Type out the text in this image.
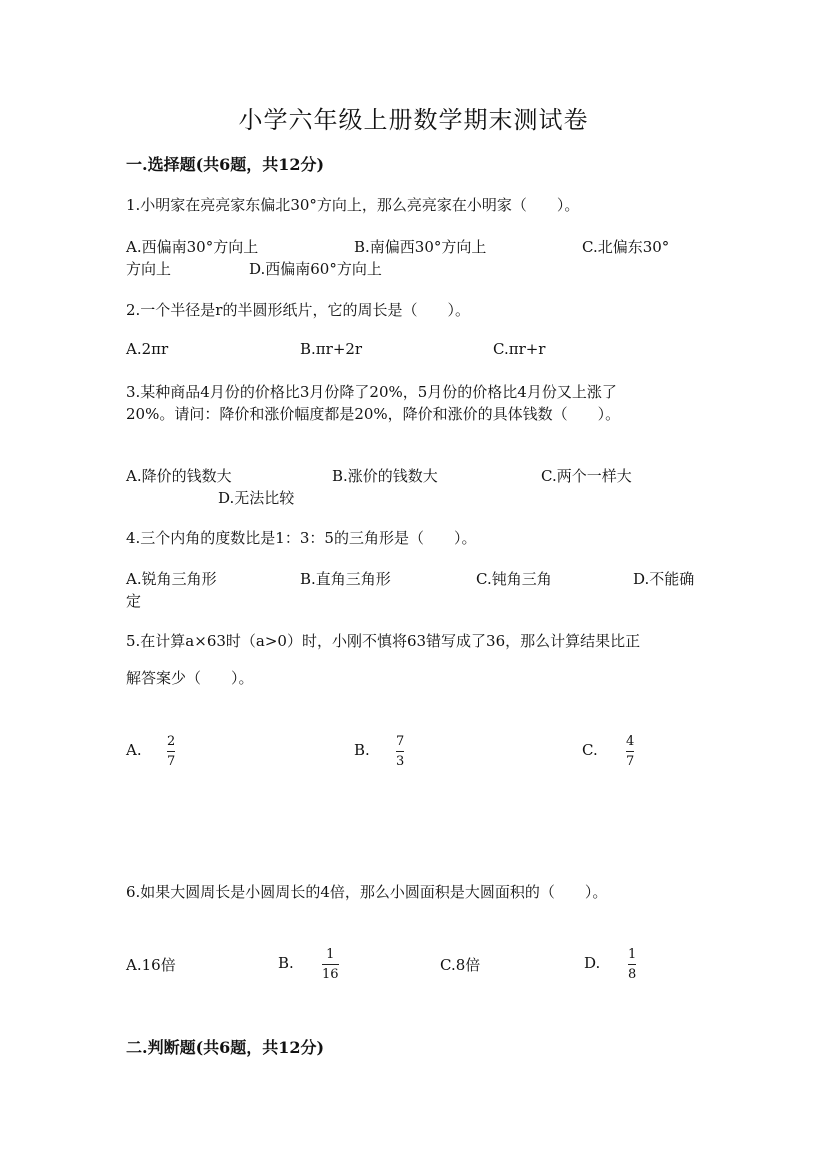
小学六年级上册数学期末测试卷
一.选择题(共6题，共12分)
1.小明家在亮亮家东偏北30°方向上，那么亮亮家在小明家（　　）。
A.西偏南30°方向上	B.南偏西30°方向上	C.北偏东30°
方向上	D.西偏南60°方向上
2.一个半径是r的半圆形纸片，它的周长是（　　）。
A.2πr	B.πr+2r	C.πr+r
3.某种商品4月份的价格比3月份降了20%，5月份的价格比4月份又上涨了
20%。请问：降价和涨价幅度都是20%，降价和涨价的具体钱数（　　）。
A.降价的钱数大	B.涨价的钱数大	C.两个一样大
D.无法比较
4.三个内角的度数比是1：3：5的三角形是（　　）。
A.锐角三角形	B.直角三角形	C.钝角三角	D.不能确
定
5.在计算a×63时（a>0）时，小刚不慎将63错写成了36，那么计算结果比正
解答案少（　　）。
A. 2
7
B. 7
3
C. 4
7
6.如果大圆周长是小圆周长的4倍，那么小圆面积是大圆面积的（　　）。
A.16倍	B. 1
16
C.8倍	D. 1
8
二.判断题(共6题，共12分)
